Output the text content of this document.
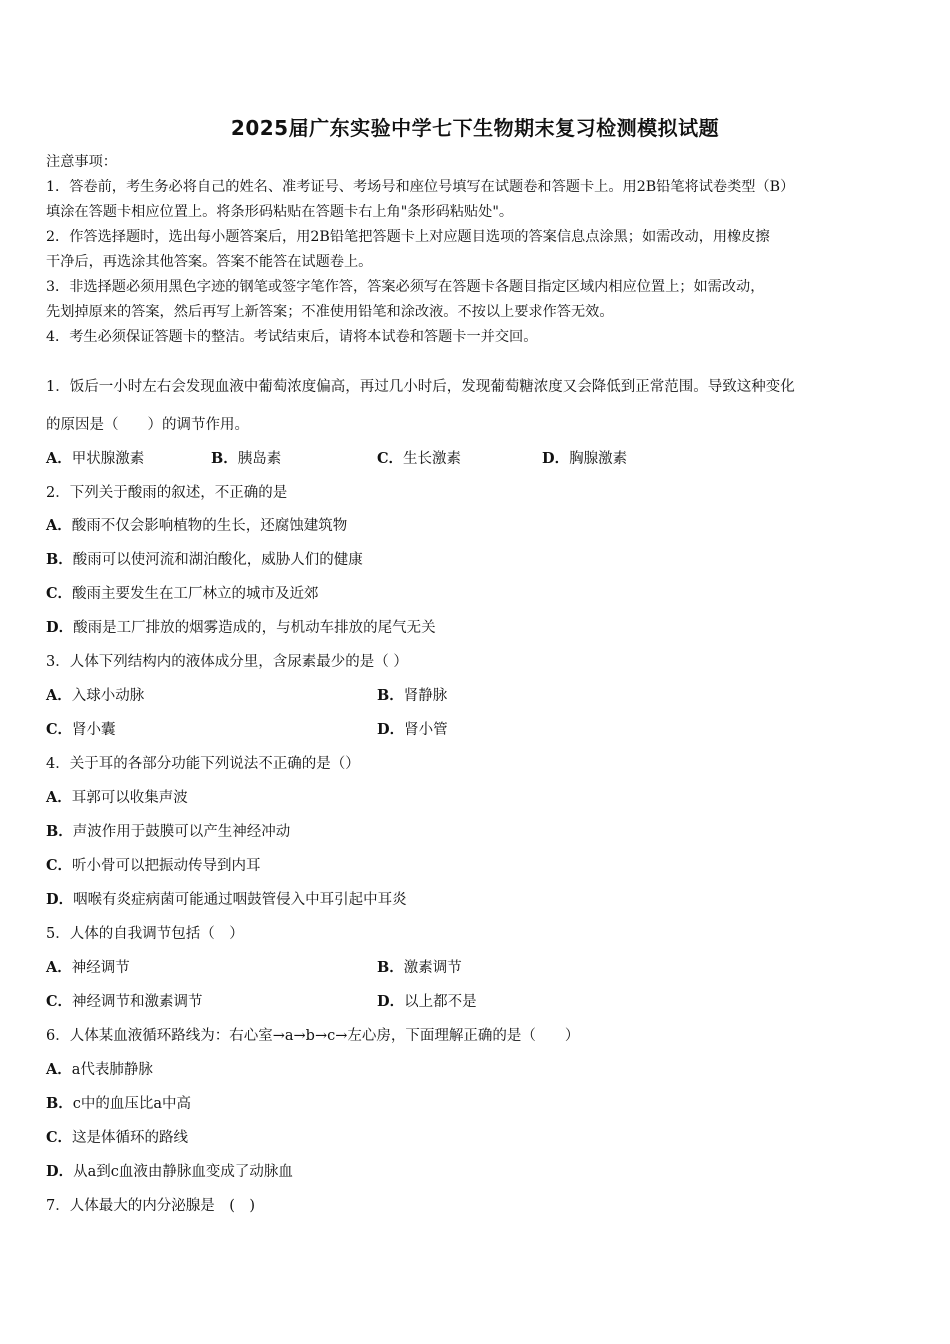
2025届广东实验中学七下生物期末复习检测模拟试题
注意事项：
1．答卷前，考生务必将自己的姓名、准考证号、考场号和座位号填写在试题卷和答题卡上。用2B铅笔将试卷类型（B）
填涂在答题卡相应位置上。将条形码粘贴在答题卡右上角"条形码粘贴处"。
2．作答选择题时，选出每小题答案后，用2B铅笔把答题卡上对应题目选项的答案信息点涂黑；如需改动，用橡皮擦
干净后，再选涂其他答案。答案不能答在试题卷上。
3．非选择题必须用黑色字迹的钢笔或签字笔作答，答案必须写在答题卡各题目指定区域内相应位置上；如需改动，
先划掉原来的答案，然后再写上新答案；不准使用铅笔和涂改液。不按以上要求作答无效。
4．考生必须保证答题卡的整洁。考试结束后，请将本试卷和答题卡一并交回。
1．饭后一小时左右会发现血液中葡萄浓度偏高，再过几小时后，发现葡萄糖浓度又会降低到正常范围。导致这种变化
的原因是（　　）的调节作用。
A．甲状腺激素	B．胰岛素	C．生长激素	D．胸腺激素
2．下列关于酸雨的叙述，不正确的是
A．酸雨不仅会影响植物的生长，还腐蚀建筑物
B．酸雨可以使河流和湖泊酸化，威胁人们的健康
C．酸雨主要发生在工厂林立的城市及近郊
D．酸雨是工厂排放的烟雾造成的，与机动车排放的尾气无关
3．人体下列结构内的液体成分里，含尿素最少的是（ ）
A．入球小动脉	B．肾静脉
C．肾小囊	D．肾小管
4．关于耳的各部分功能下列说法不正确的是（）
A．耳郭可以收集声波
B．声波作用于鼓膜可以产生神经冲动
C．听小骨可以把振动传导到内耳
D．咽喉有炎症病菌可能通过咽鼓管侵入中耳引起中耳炎
5．人体的自我调节包括（　）
A．神经调节	B．激素调节
C．神经调节和激素调节	D．以上都不是
6．人体某血液循环路线为：右心室→a→b→c→左心房，下面理解正确的是（　　）
A．a代表肺静脉
B．c中的血压比a中高
C．这是体循环的路线
D．从a到c血液由静脉血变成了动脉血
7．人体最大的内分泌腺是　(　)
